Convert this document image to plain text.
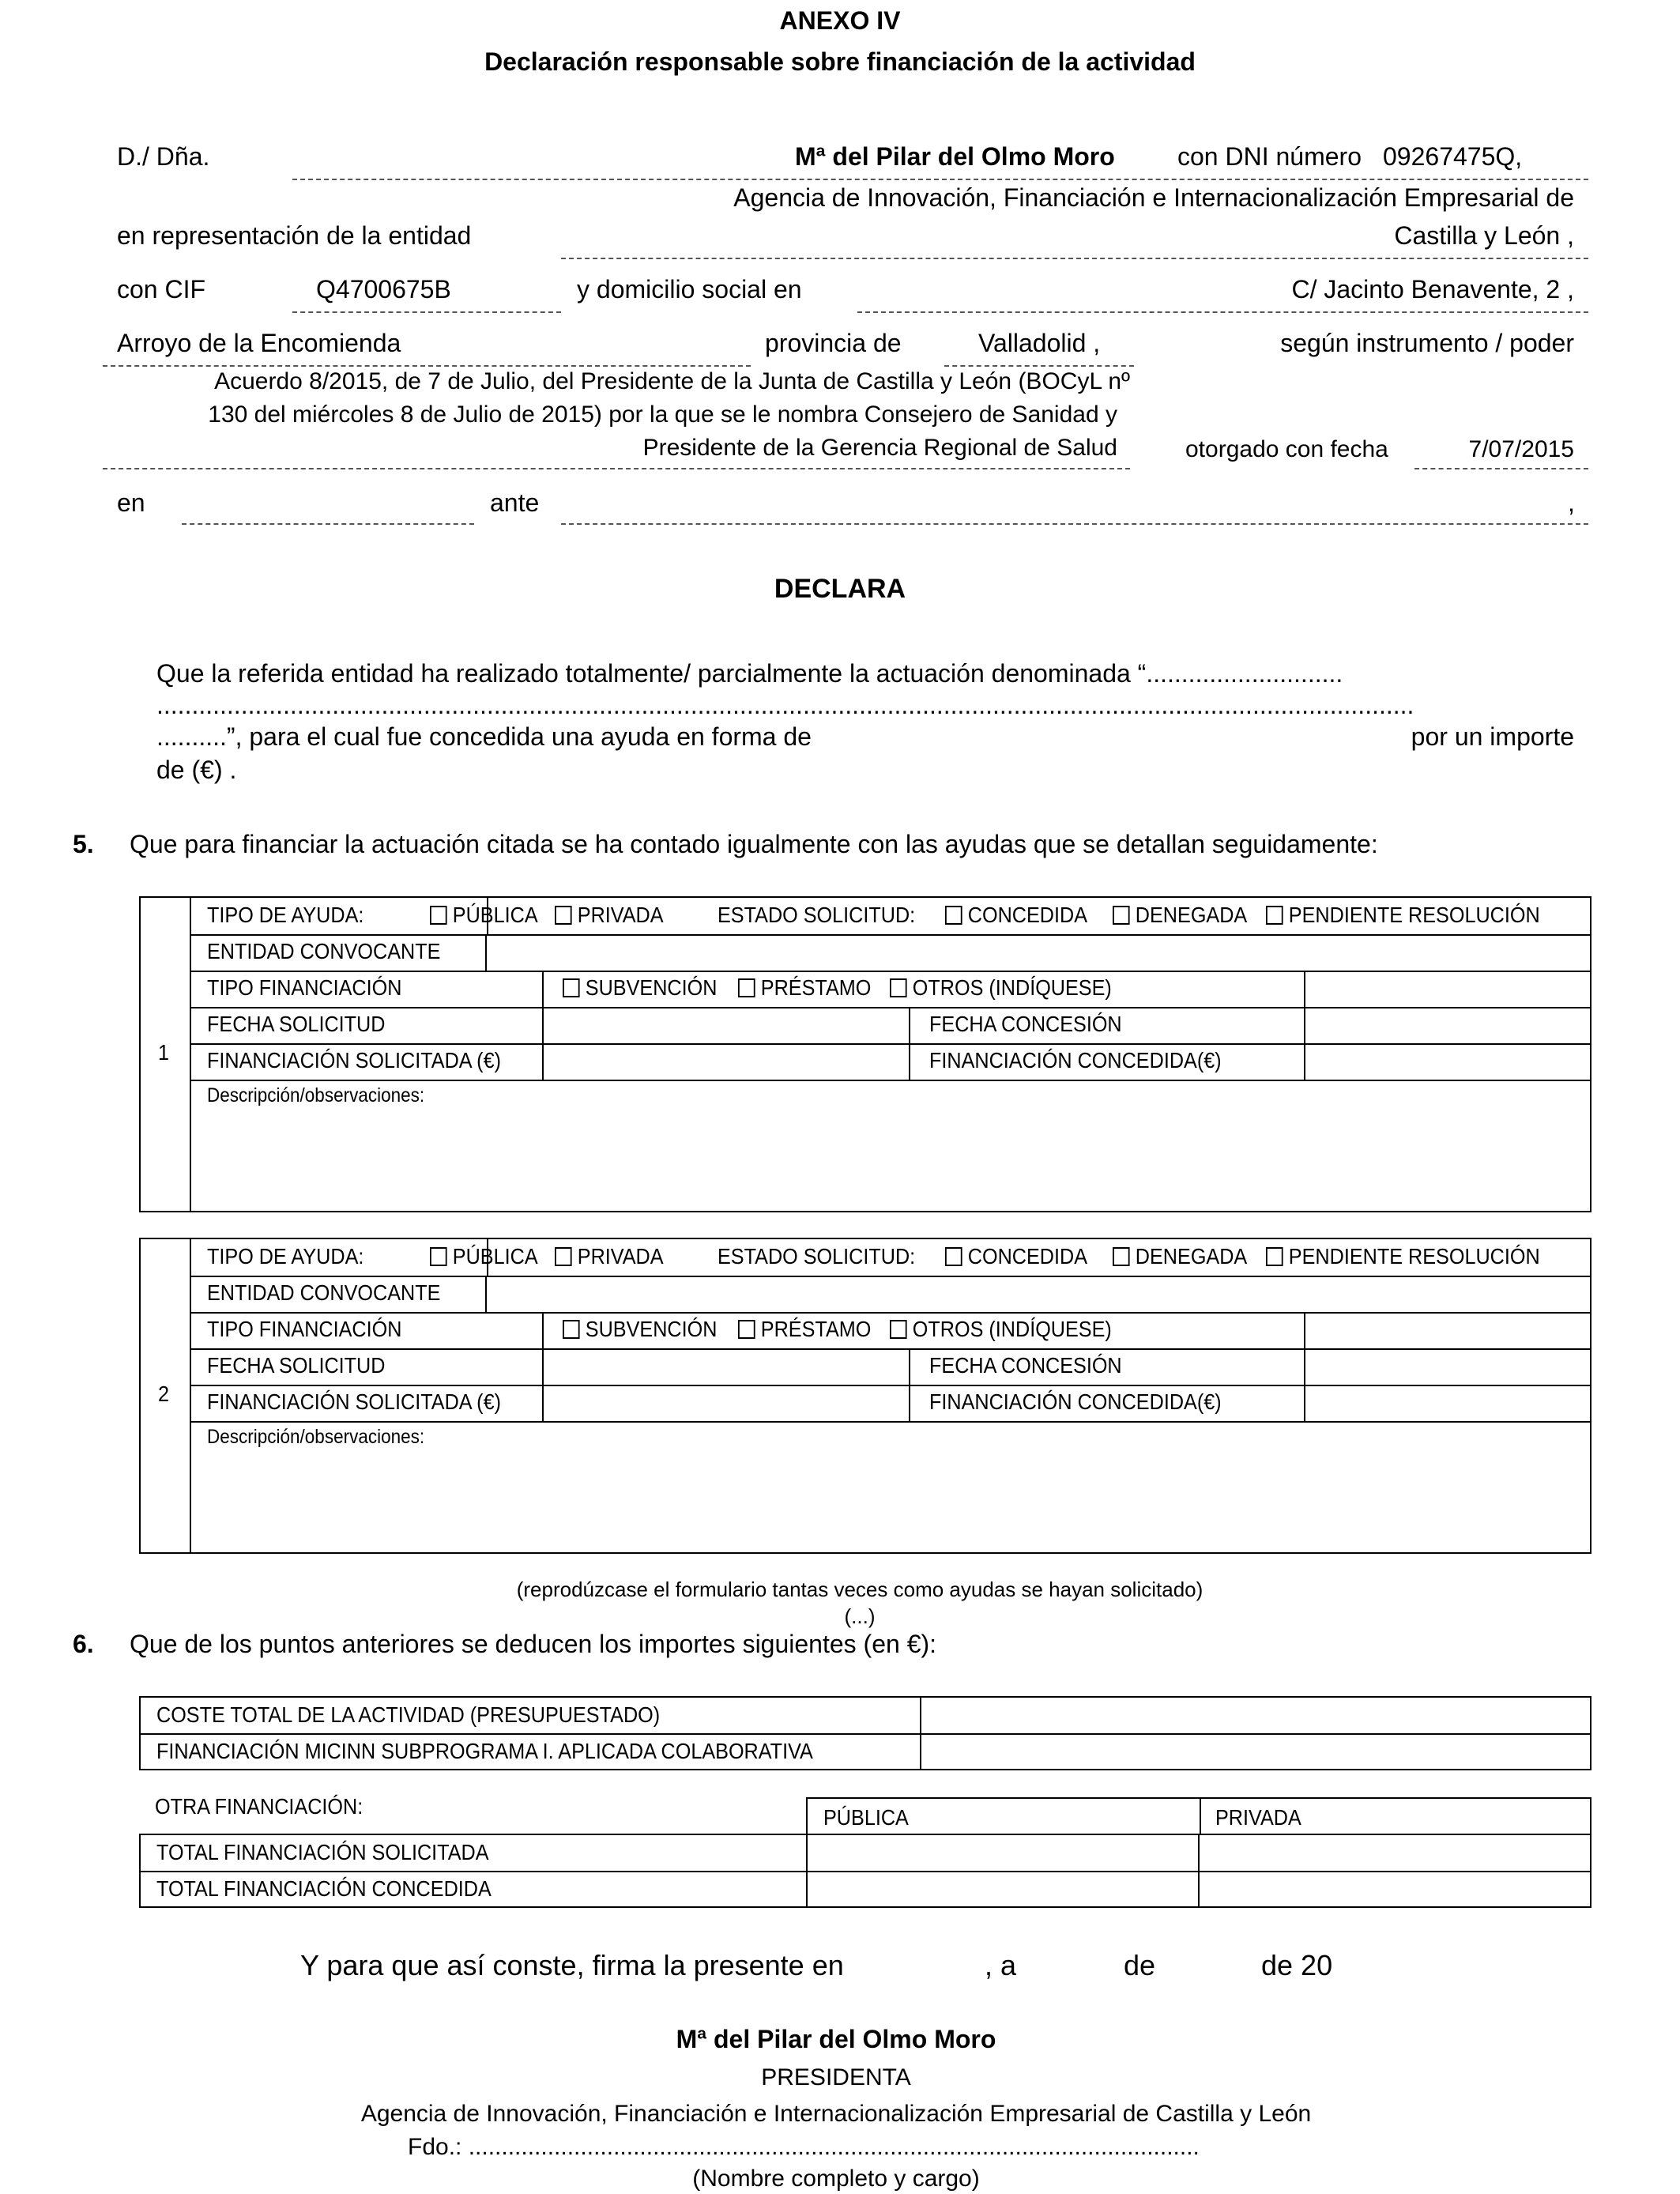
ANEXO IV
Declaración responsable sobre financiación de la actividad
D./ Dña.	Mª del Pilar del Olmo Moro con DNI número 09267475Q,
Agencia de Innovación, Financiación e Internacionalización Empresarial de
en representación de la entidad	Castilla y León ,
con CIF	Q4700675B	y domicilio social en	C/ Jacinto Benavente, 2 ,
Arroyo de la Encomienda	provincia de	Valladolid ,	según instrumento / poder
Acuerdo 8/2015, de 7 de Julio, del Presidente de la Junta de Castilla y León (BOCyL nº
130 del miércoles 8 de Julio de 2015) por la que se le nombra Consejero de Sanidad y
Presidente de la Gerencia Regional de Salud	otorgado con fecha	7/07/2015
en	ante	,
DECLARA
Que la referida entidad ha realizado totalmente/ parcialmente la actuación denominada “............................
...................................................................................................................................................................................
..........”, para el cual fue concedida una ayuda en forma de	por un importe
de (€) .
5. Que para financiar la actuación citada se ha contado igualmente con las ayudas que se detallan seguidamente:
TIPO DE AYUDA:	PÚBLICA	PRIVADA ESTADO SOLICITUD:	CONCEDIDA	DENEGADA	PENDIENTE RESOLUCIÓN
ENTIDAD CONVOCANTE
TIPO FINANCIACIÓN	SUBVENCIÓN	PRÉSTAMO	OTROS (INDÍQUESE)
FECHA SOLICITUD	FECHA CONCESIÓN
FINANCIACIÓN SOLICITADA (€)	FINANCIACIÓN CONCEDIDA(€)
Descripción/observaciones:
1
TIPO DE AYUDA:	PÚBLICA	PRIVADA ESTADO SOLICITUD:	CONCEDIDA	DENEGADA	PENDIENTE RESOLUCIÓN
ENTIDAD CONVOCANTE
TIPO FINANCIACIÓN	SUBVENCIÓN	PRÉSTAMO	OTROS (INDÍQUESE)
FECHA SOLICITUD	FECHA CONCESIÓN
FINANCIACIÓN SOLICITADA (€)	FINANCIACIÓN CONCEDIDA(€)
Descripción/observaciones:
2
(reprodúzcase el formulario tantas veces como ayudas se hayan solicitado)
(...)
6. Que de los puntos anteriores se deducen los importes siguientes (en €):
COSTE TOTAL DE LA ACTIVIDAD (PRESUPUESTADO)
FINANCIACIÓN MICINN SUBPROGRAMA I. APLICADA COLABORATIVA
OTRA FINANCIACIÓN:	PÚBLICA	PRIVADA
TOTAL FINANCIACIÓN SOLICITADA
TOTAL FINANCIACIÓN CONCEDIDA
Y para que así conste, firma la presente en	, a	de	de 20
Mª del Pilar del Olmo Moro
PRESIDENTA
Agencia de Innovación, Financiación e Internacionalización Empresarial de Castilla y León
Fdo.: ...............................................................................................................
(Nombre completo y cargo)
